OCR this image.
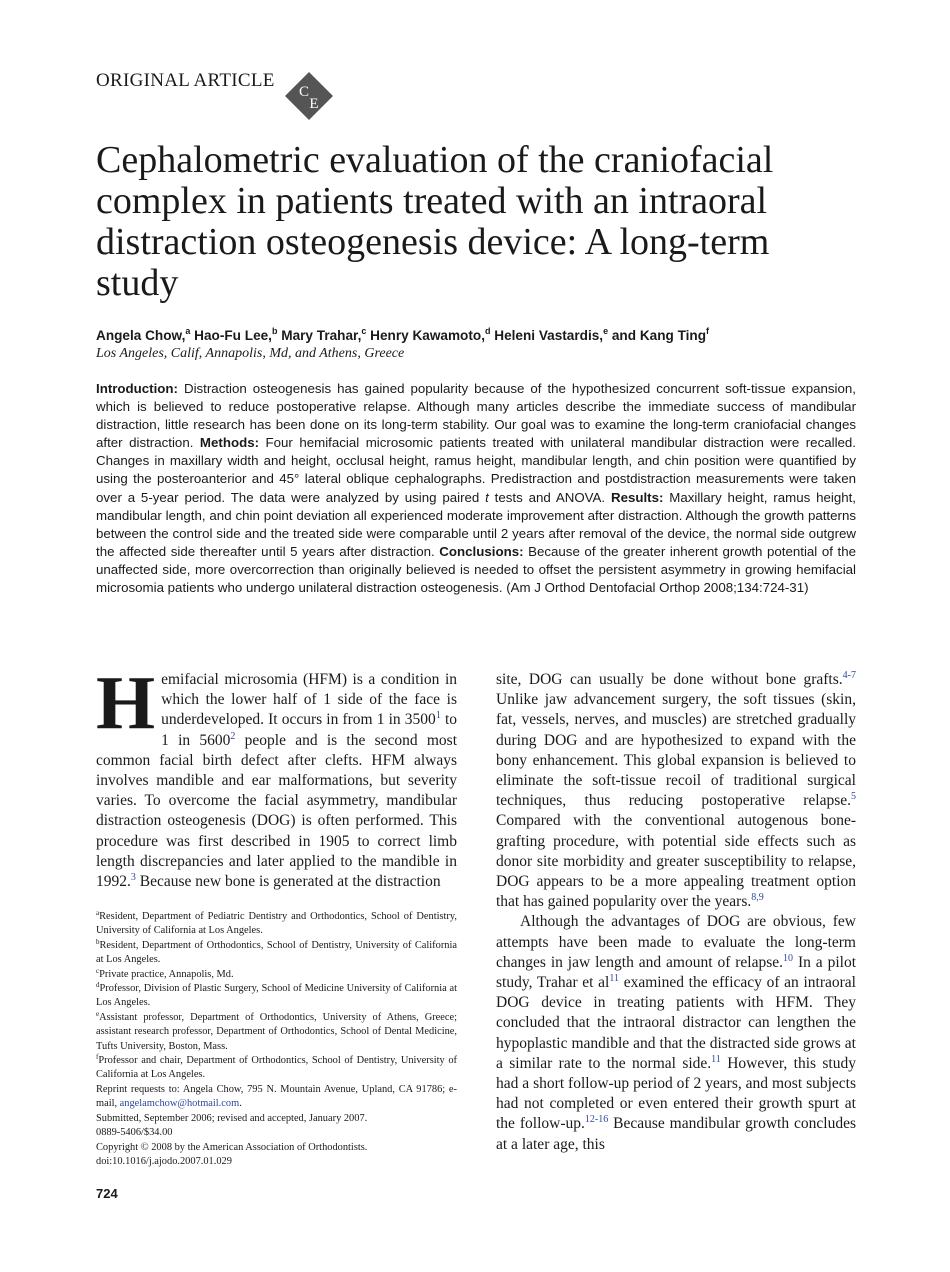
ORIGINAL ARTICLE
C
E
Cephalometric evaluation of the craniofacial complex in patients treated with an intraoral distraction osteogenesis device: A long-term study
Angela Chow,$^a$ Hao-Fu Lee,$^b$ Mary Trahar,$^c$ Henry Kawamoto,$^d$ Heleni Vastardis,$^e$ and Kang Ting$^f$
Los Angeles, Calif, Annapolis, Md, and Athens, Greece

Introduction: Distraction osteogenesis has gained popularity because of the hypothesized concurrent soft-tissue expansion, which is believed to reduce postoperative relapse. Although many articles describe the immediate success of mandibular distraction, little research has been done on its long-term stability. Our goal was to examine the long-term craniofacial changes after distraction. Methods: Four hemifacial microsomic patients treated with unilateral mandibular distraction were recalled. Changes in maxillary width and height, occlusal height, ramus height, mandibular length, and chin position were quantified by using the posteroanterior and 45° lateral oblique cephalographs. Predistraction and postdistraction measurements were taken over a 5-year period. The data were analyzed by using paired t tests and ANOVA. Results: Maxillary height, ramus height, mandibular length, and chin point deviation all experienced moderate improvement after distraction. Although the growth patterns between the control side and the treated side were comparable until 2 years after removal of the device, the normal side outgrew the affected side thereafter until 5 years after distraction. Conclusions: Because of the greater inherent growth potential of the unaffected side, more overcorrection than originally believed is needed to offset the persistent asymmetry in growing hemifacial microsomia patients who undergo unilateral distraction osteogenesis. (Am J Orthod Dentofacial Orthop 2008;134:724-31)

Hemifacial microsomia (HFM) is a condition in which the lower half of 1 side of the face is underdeveloped. It occurs in from 1 in 3500$^1$ to 1 in 5600$^2$ people and is the second most common facial birth defect after clefts. HFM always involves mandible and ear malformations, but severity varies. To overcome the facial asymmetry, mandibular distraction osteogenesis (DOG) is often performed. This procedure was first described in 1905 to correct limb length discrepancies and later applied to the mandible in 1992.$^3$ Because new bone is generated at the distraction

site, DOG can usually be done without bone grafts.$^{4-7}$ Unlike jaw advancement surgery, the soft tissues (skin, fat, vessels, nerves, and muscles) are stretched gradually during DOG and are hypothesized to expand with the bony enhancement. This global expansion is believed to eliminate the soft-tissue recoil of traditional surgical techniques, thus reducing postoperative relapse.$^5$ Compared with the conventional autogenous bone-grafting procedure, with potential side effects such as donor site morbidity and greater susceptibility to relapse, DOG appears to be a more appealing treatment option that has gained popularity over the years.$^{8,9}$

Although the advantages of DOG are obvious, few attempts have been made to evaluate the long-term changes in jaw length and amount of relapse.$^{10}$ In a pilot study, Trahar et $al^{11}$ examined the efficacy of an intraoral DOG device in treating patients with HFM. They concluded that the intraoral distractor can lengthen the hypoplastic mandible and that the distracted side grows at a similar rate to the normal side.$^{11}$ However, this study had a short follow-up period of 2 years, and most subjects had not completed or even entered their growth spurt at the follow-up.$^{12-16}$ Because mandibular growth concludes at a later age, this

$^a$Resident, Department of Pediatric Dentistry and Orthodontics, School of Dentistry, University of California at Los Angeles.
$^b$Resident, Department of Orthodontics, School of Dentistry, University of California at Los Angeles.
$^c$Private practice, Annapolis, Md.
$^d$Professor, Division of Plastic Surgery, School of Medicine University of California at Los Angeles.
$^e$Assistant professor, Department of Orthodontics, University of Athens, Greece; assistant research professor, Department of Orthodontics, School of Dental Medicine, Tufts University, Boston, Mass.
$^f$Professor and chair, Department of Orthodontics, School of Dentistry, University of California at Los Angeles.
Reprint requests to: Angela Chow, 795 N. Mountain Avenue, Upland, CA 91786; e-mail, angelamchow@hotmail.com.
Submitted, September 2006; revised and accepted, January 2007.
0889-5406/$34.00
Copyright © 2008 by the American Association of Orthodontists.
doi:10.1016/j.ajodo.2007.01.029
724
